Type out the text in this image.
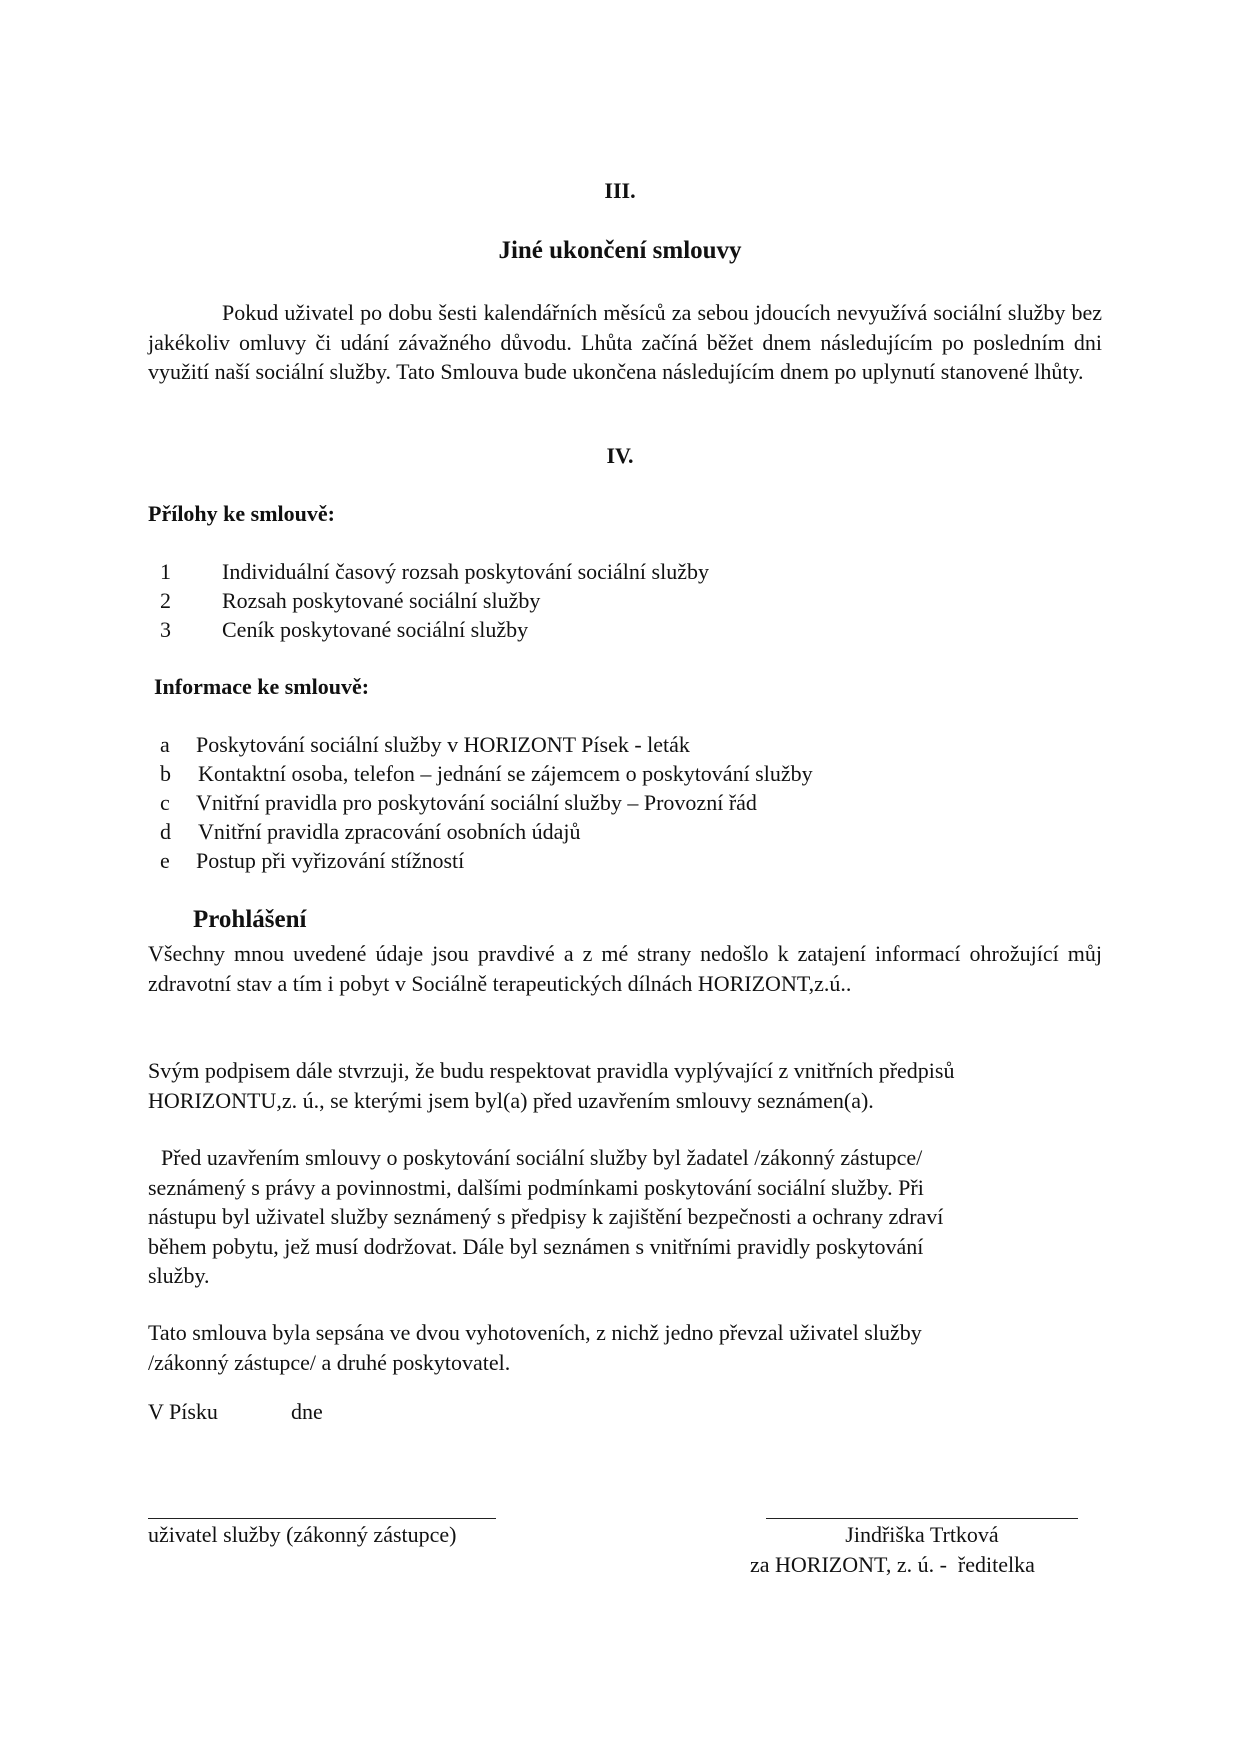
III.
Jiné ukončení smlouvy

Pokud uživatel po dobu šesti kalendářních měsíců za sebou jdoucích nevyužívá sociální služby bez jakékoliv omluvy či udání závažného důvodu. Lhůta začíná běžet dnem následujícím po posledním dni využití naší sociální služby. Tato Smlouva bude ukončena následujícím dnem po uplynutí stanovené lhůty.

IV.
Přílohy ke smlouvě:
1 Individuální časový rozsah poskytování sociální služby
2 Rozsah poskytované sociální služby
3 Ceník poskytované sociální služby
Informace ke smlouvě:
a Poskytování sociální služby v HORIZONT Písek - leták
b Kontaktní osoba, telefon – jednání se zájemcem o poskytování služby
c Vnitřní pravidla pro poskytování sociální služby – Provozní řád
d Vnitřní pravidla zpracování osobních údajů
e Postup při vyřizování stížností
Prohlášení

Všechny mnou uvedené údaje jsou pravdivé a z mé strany nedošlo k zatajení informací ohrožující můj zdravotní stav a tím i pobyt v Sociálně terapeutických dílnách HORIZONT,z.ú..

Svým podpisem dále stvrzuji, že budu respektovat pravidla vyplývající z vnitřních předpisů

HORIZONTU,z. ú., se kterými jsem byl(a) před uzavřením smlouvy seznámen(a).

Před uzavřením smlouvy o poskytování sociální služby byl žadatel /zákonný zástupce/

seznámený s právy a povinnostmi, dalšími podmínkami poskytování sociální služby. Při

nástupu byl uživatel služby seznámený s předpisy k zajištění bezpečnosti a ochrany zdraví

během pobytu, jež musí dodržovat. Dále byl seznámen s vnitřními pravidly poskytování

služby.

Tato smlouva byla sepsána ve dvou vyhotoveních, z nichž jedno převzal uživatel služby

/zákonný zástupce/ a druhé poskytovatel.

V Písku	dne
uživatel služby (zákonný zástupce)	Jindřiška Trtková
za HORIZONT, z. ú. -  ředitelka
